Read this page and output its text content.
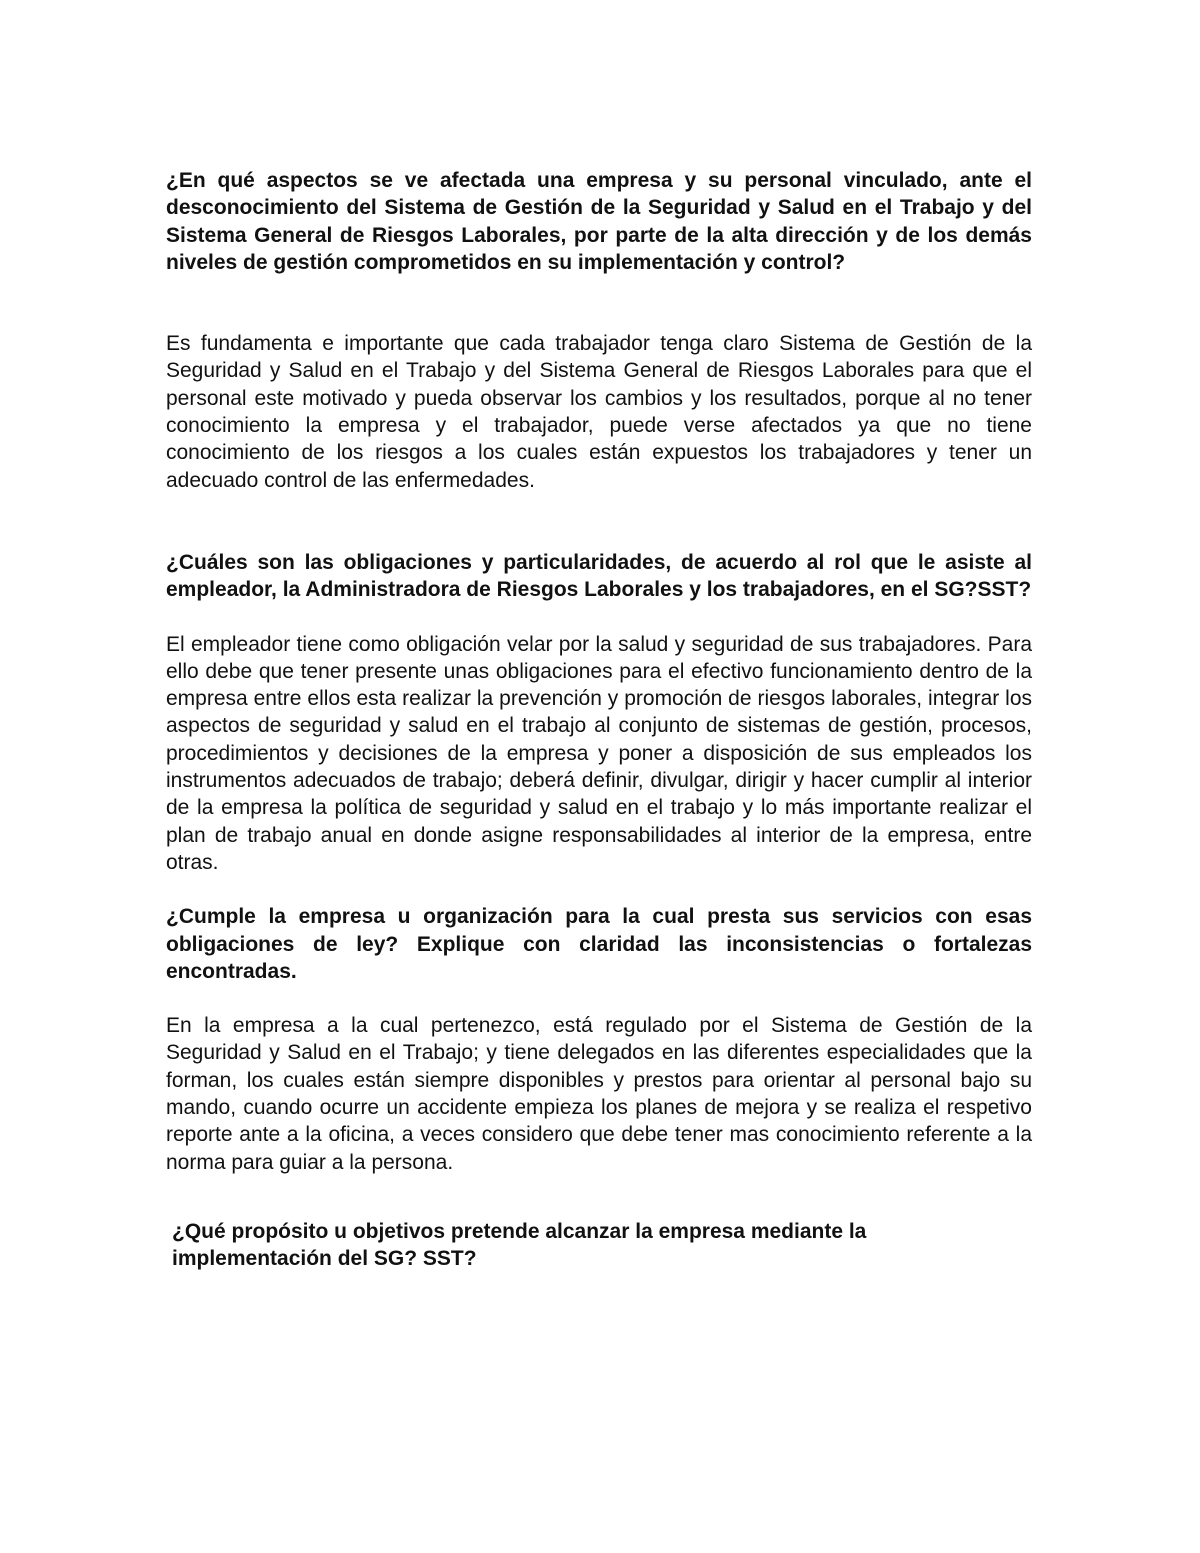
¿En qué aspectos se ve afectada una empresa y su personal vinculado, ante el desconocimiento del Sistema de Gestión de la Seguridad y Salud en el Trabajo y del Sistema General de Riesgos Laborales, por parte de la alta dirección y de los demás niveles de gestión comprometidos en su implementación y control?

Es fundamenta e importante que cada trabajador tenga claro Sistema de Gestión de la Seguridad y Salud en el Trabajo y del Sistema General de Riesgos Laborales para que el personal este motivado y pueda observar los cambios y los resultados, porque al no tener conocimiento la empresa y el trabajador, puede verse afectados ya que no tiene conocimiento de los riesgos a los cuales están expuestos los trabajadores y tener un adecuado control de las enfermedades.

¿Cuáles son las obligaciones y particularidades, de acuerdo al rol que le asiste al empleador, la Administradora de Riesgos Laborales y los trabajadores, en el SG?SST?

El empleador tiene como obligación velar por la salud y seguridad de sus trabajadores. Para ello debe que tener presente unas obligaciones para el efectivo funcionamiento dentro de la empresa entre ellos esta realizar la prevención y promoción de riesgos laborales, integrar los aspectos de seguridad y salud en el trabajo al conjunto de sistemas de gestión, procesos, procedimientos y decisiones de la empresa y poner a disposición de sus empleados los instrumentos adecuados de trabajo; deberá definir, divulgar, dirigir y hacer cumplir al interior de la empresa la política de seguridad y salud en el trabajo y lo más importante realizar el plan de trabajo anual en donde asigne responsabilidades al interior de la empresa, entre otras.

¿Cumple la empresa u organización para la cual presta sus servicios con esas obligaciones de ley? Explique con claridad las inconsistencias o fortalezas encontradas.

En la empresa a la cual pertenezco, está regulado por el Sistema de Gestión de la Seguridad y Salud en el Trabajo; y tiene delegados en las diferentes especialidades que la forman, los cuales están siempre disponibles y prestos para orientar al personal bajo su mando, cuando ocurre un accidente empieza los planes de mejora y se realiza el respetivo reporte ante a la oficina, a veces considero que debe tener mas conocimiento referente a la norma para guiar a la persona.

¿Qué propósito u objetivos pretende alcanzar la empresa mediante la implementación del SG? SST?
